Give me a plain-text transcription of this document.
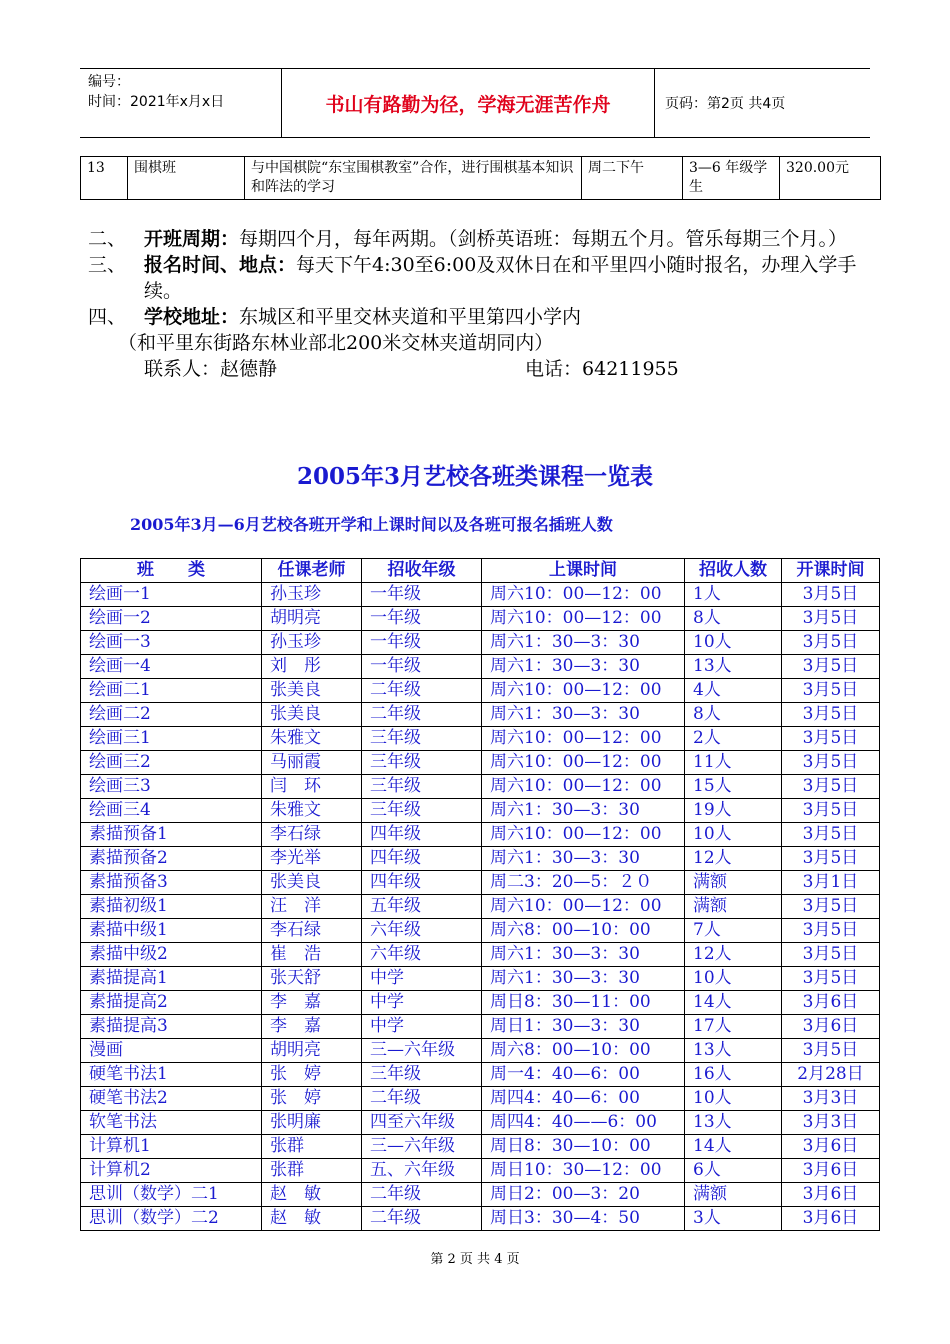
编号：
时间：2021年x月x日	书山有路勤为径，学海无涯苦作舟	页码：第2页 共4页
13	围棋班	与中国棋院“东宝围棋教室”合作，进行围棋基本知识和阵法的学习	周二下午	3—6 年级学生	320.00元
二、 开班周期：每期四个月，每年两期。（剑桥英语班：每期五个月。管乐每期三个月。）
三、 报名时间、地点：每天下午4:30至6:00及双休日在和平里四小随时报名，办理入学手续。
四、 学校地址：东城区和平里交林夹道和平里第四小学内
（和平里东街路东林业部北200米交林夹道胡同内）
联系人：赵德静	电话：64211955
2005年3月艺校各班类课程一览表
2005年3月—6月艺校各班开学和上课时间以及各班可报名插班人数
班　　类	任课老师	招收年级	上课时间	招收人数	开课时间
绘画一1	孙玉珍	一年级	周六10：00—12：00	1人	3月5日
绘画一2	胡明亮	一年级	周六10：00—12：00	8人	3月5日
绘画一3	孙玉珍	一年级	周六1：30—3：30	10人	3月5日
绘画一4	刘　彤	一年级	周六1：30—3：30	13人	3月5日
绘画二1	张美良	二年级	周六10：00—12：00	4人	3月5日
绘画二2	张美良	二年级	周六1：30—3：30	8人	3月5日
绘画三1	朱雅文	三年级	周六10：00—12：00	2人	3月5日
绘画三2	马丽霞	三年级	周六10：00—12：00	11人	3月5日
绘画三3	闫　环	三年级	周六10：00—12：00	15人	3月5日
绘画三4	朱雅文	三年级	周六1：30—3：30	19人	3月5日
素描预备1	李石绿	四年级	周六10：00—12：00	10人	3月5日
素描预备2	李光举	四年级	周六1：30—3：30	12人	3月5日
素描预备3	张美良	四年级	周二3：20—5：２０	满额	3月1日
素描初级1	汪　洋	五年级	周六10：00—12：00	满额	3月5日
素描中级1	李石绿	六年级	周六8：00—10：00	7人	3月5日
素描中级2	崔　浩	六年级	周六1：30—3：30	12人	3月5日
素描提高1	张天舒	中学	周六1：30—3：30	10人	3月5日
素描提高2	李　嘉	中学	周日8：30—11：00	14人	3月6日
素描提高3	李　嘉	中学	周日1：30—3：30	17人	3月6日
漫画	胡明亮	三—六年级	周六8：00—10：00	13人	3月5日
硬笔书法1	张　婷	三年级	周一4：40—6：00	16人	2月28日
硬笔书法2	张　婷	二年级	周四4：40—6：00	10人	3月3日
软笔书法	张明廉	四至六年级	周四4：40——6：00	13人	3月3日
计算机1	张群	三—六年级	周日8：30—10：00	14人	3月6日
计算机2	张群	五、六年级	周日10：30—12：00	6人	3月6日
思训（数学）二1	赵　敏	二年级	周日2：00—3：20	满额	3月6日
思训（数学）二2	赵　敏	二年级	周日3：30—4：50	3人	3月6日
第 2 页 共 4 页
